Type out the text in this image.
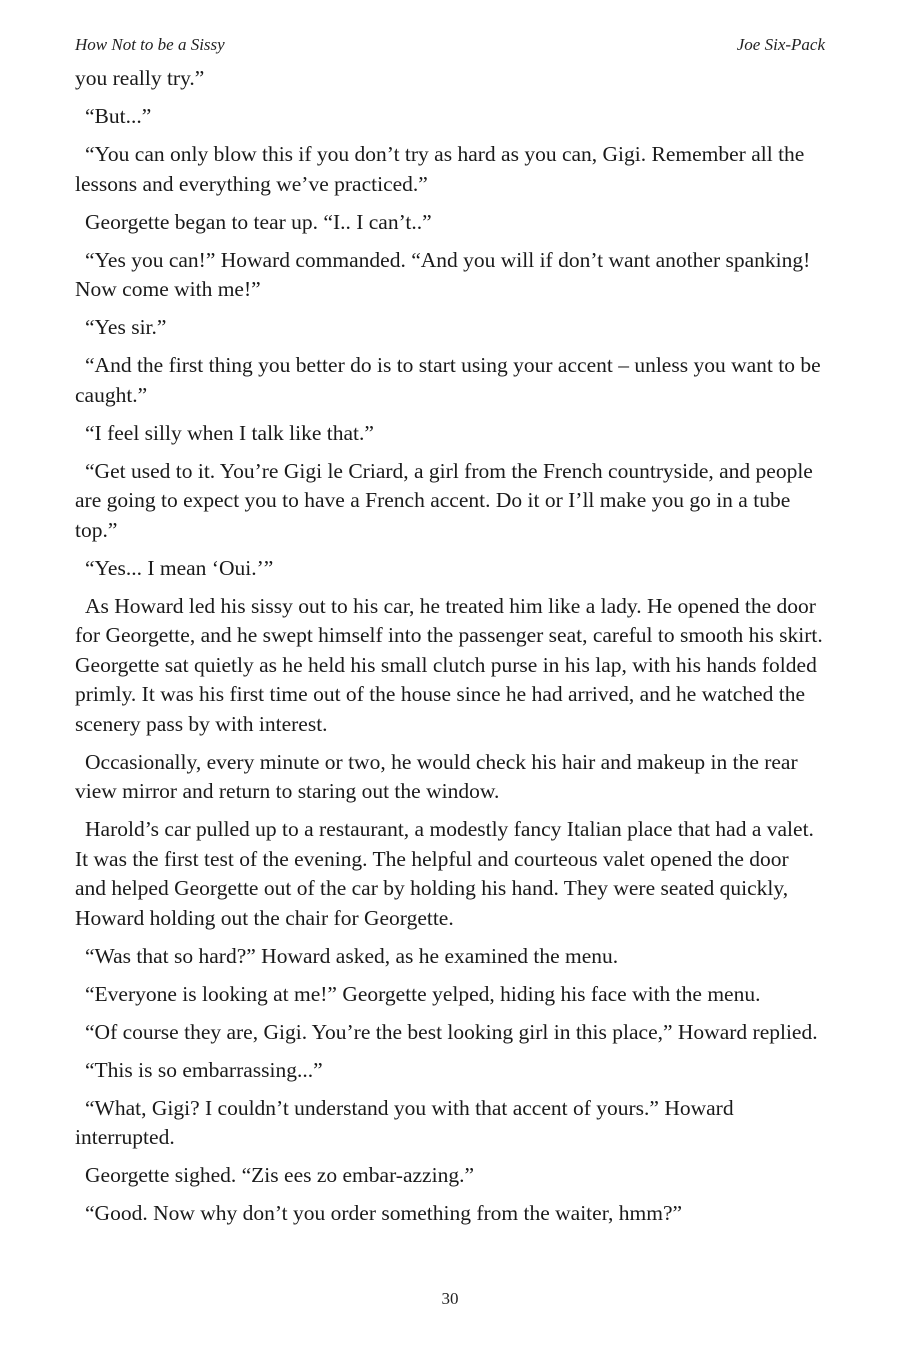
How Not to be a Sissy	Joe Six-Pack

you really try.”

“But...”

“You can only blow this if you don’t try as hard as you can, Gigi. Remember all the lessons and everything we’ve practiced.”

Georgette began to tear up. “I.. I can’t..”

“Yes you can!” Howard commanded. “And you will if don’t want another spanking! Now come with me!”

“Yes sir.”

“And the first thing you better do is to start using your accent – unless you want to be caught.”

“I feel silly when I talk like that.”

“Get used to it. You’re Gigi le Criard, a girl from the French countryside, and people are going to expect you to have a French accent. Do it or I’ll make you go in a tube top.”

“Yes... I mean ‘Oui.’”

As Howard led his sissy out to his car, he treated him like a lady. He opened the door for Georgette, and he swept himself into the passenger seat, careful to smooth his skirt. Georgette sat quietly as he held his small clutch purse in his lap, with his hands folded primly. It was his first time out of the house since he had arrived, and he watched the scenery pass by with interest.

Occasionally, every minute or two, he would check his hair and makeup in the rear view mirror and return to staring out the window.

Harold’s car pulled up to a restaurant, a modestly fancy Italian place that had a valet. It was the first test of the evening. The helpful and courteous valet opened the door and helped Georgette out of the car by holding his hand. They were seated quickly, Howard holding out the chair for Georgette.

“Was that so hard?” Howard asked, as he examined the menu.

“Everyone is looking at me!” Georgette yelped, hiding his face with the menu.

“Of course they are, Gigi. You’re the best looking girl in this place,” Howard replied.

“This is so embarrassing...”

“What, Gigi? I couldn’t understand you with that accent of yours.” Howard interrupted.

Georgette sighed. “Zis ees zo embar-azzing.”

“Good. Now why don’t you order something from the waiter, hmm?”

30
